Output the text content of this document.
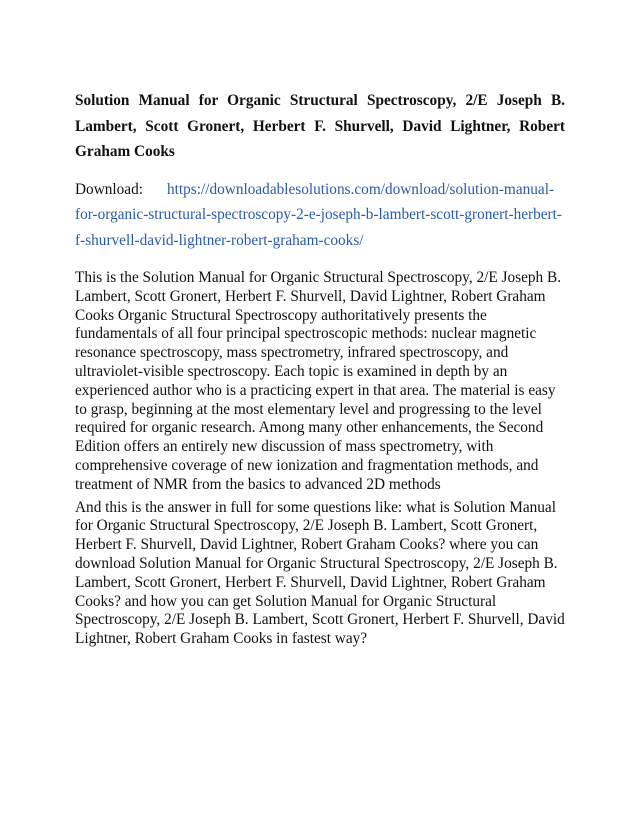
Solution Manual for Organic Structural Spectroscopy, 2/E Joseph B. Lambert, Scott Gronert, Herbert F. Shurvell, David Lightner, Robert Graham Cooks

Download: https://downloadablesolutions.com/download/solution-manual-for-organic-structural-spectroscopy-2-e-joseph-b-lambert-scott-gronert-herbert-f-shurvell-david-lightner-robert-graham-cooks/

This is the Solution Manual for Organic Structural Spectroscopy, 2/E Joseph B. Lambert, Scott Gronert, Herbert F. Shurvell, David Lightner, Robert Graham Cooks Organic Structural Spectroscopy authoritatively presents the fundamentals of all four principal spectroscopic methods: nuclear magnetic resonance spectroscopy, mass spectrometry, infrared spectroscopy, and ultraviolet-visible spectroscopy. Each topic is examined in depth by an experienced author who is a practicing expert in that area. The material is easy to grasp, beginning at the most elementary level and progressing to the level required for organic research. Among many other enhancements, the Second Edition offers an entirely new discussion of mass spectrometry, with comprehensive coverage of new ionization and fragmentation methods, and treatment of NMR from the basics to advanced 2D methods

And this is the answer in full for some questions like: what is Solution Manual for Organic Structural Spectroscopy, 2/E Joseph B. Lambert, Scott Gronert, Herbert F. Shurvell, David Lightner, Robert Graham Cooks? where you can download Solution Manual for Organic Structural Spectroscopy, 2/E Joseph B. Lambert, Scott Gronert, Herbert F. Shurvell, David Lightner, Robert Graham Cooks? and how you can get Solution Manual for Organic Structural Spectroscopy, 2/E Joseph B. Lambert, Scott Gronert, Herbert F. Shurvell, David Lightner, Robert Graham Cooks in fastest way?
